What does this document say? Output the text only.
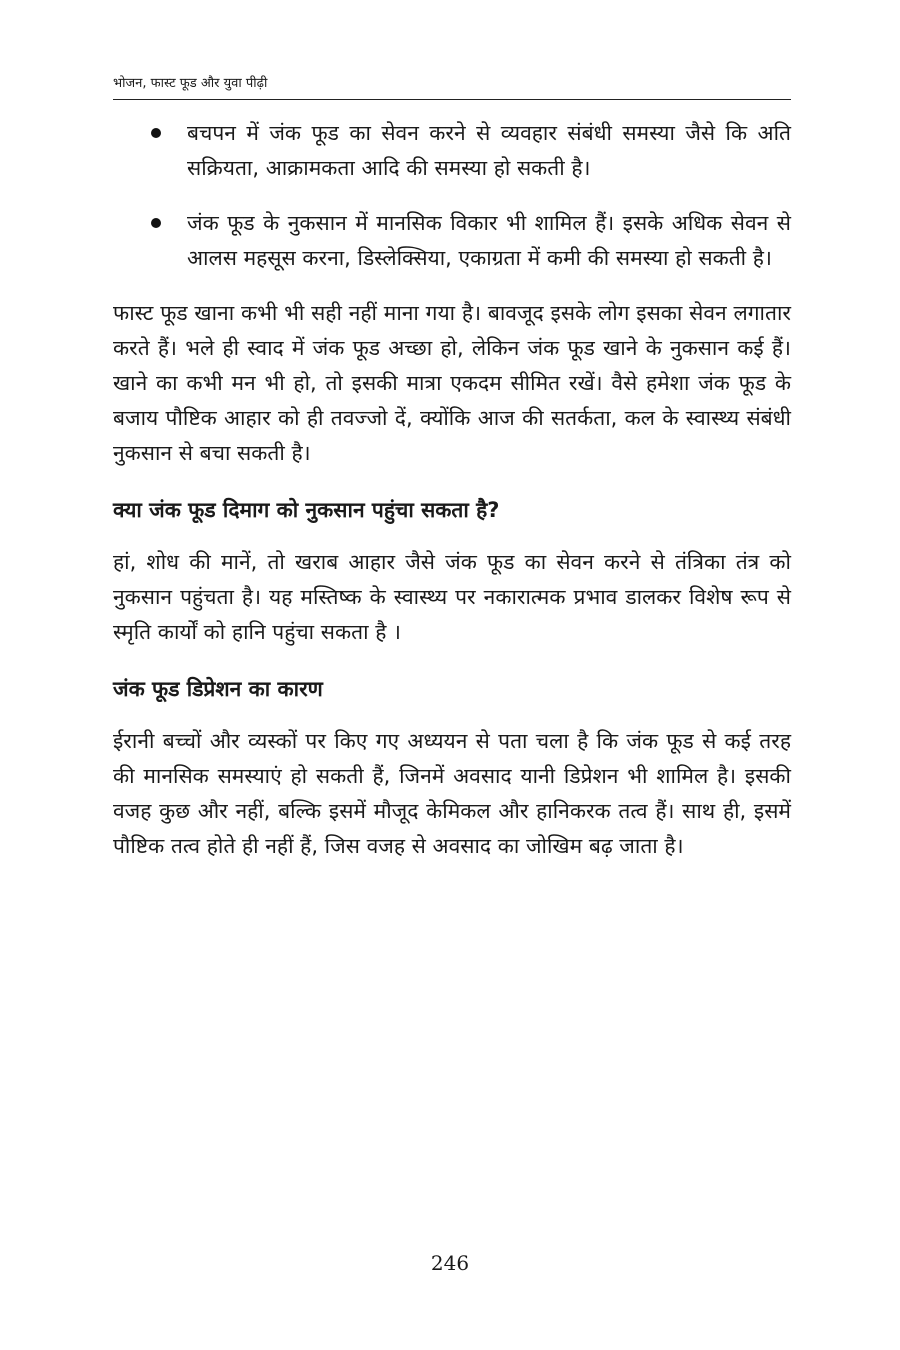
भोजन, फास्ट फूड और युवा पीढ़ी
बचपन में जंक फूड का सेवन करने से व्यवहार संबंधी समस्या जैसे कि अति सक्रियता, आक्रामकता आदि की समस्या हो सकती है।
जंक फूड के नुकसान में मानसिक विकार भी शामिल हैं। इसके अधिक सेवन से आलस महसूस करना, डिस्लेक्सिया, एकाग्रता में कमी की समस्या हो सकती है।

फास्ट फूड खाना कभी भी सही नहीं माना गया है। बावजूद इसके लोग इसका सेवन लगातार करते हैं। भले ही स्वाद में जंक फूड अच्छा हो, लेकिन जंक फूड खाने के नुकसान कई हैं। खाने का कभी मन भी हो, तो इसकी मात्रा एकदम सीमित रखें। वैसे हमेशा जंक फूड के बजाय पौष्टिक आहार को ही तवज्जो दें, क्योंकि आज की सतर्कता, कल के स्वास्थ्य संबंधी नुकसान से बचा सकती है।

क्या जंक फूड दिमाग को नुकसान पहुंचा सकता है?

हां, शोध की मानें, तो खराब आहार जैसे जंक फूड का सेवन करने से तंत्रिका तंत्र को नुकसान पहुंचता है। यह मस्तिष्क के स्वास्थ्य पर नकारात्मक प्रभाव डालकर विशेष रूप से स्मृति कार्यों को हानि पहुंचा सकता है ।

जंक फूड डिप्रेशन का कारण

ईरानी बच्चों और व्यस्कों पर किए गए अध्ययन से पता चला है कि जंक फूड से कई तरह की मानसिक समस्याएं हो सकती हैं, जिनमें अवसाद यानी डिप्रेशन भी शामिल है। इसकी वजह कुछ और नहीं, बल्कि इसमें मौजूद केमिकल और हानिकरक तत्व हैं। साथ ही, इसमें पौष्टिक तत्व होते ही नहीं हैं, जिस वजह से अवसाद का जोखिम बढ़ जाता है।

246
